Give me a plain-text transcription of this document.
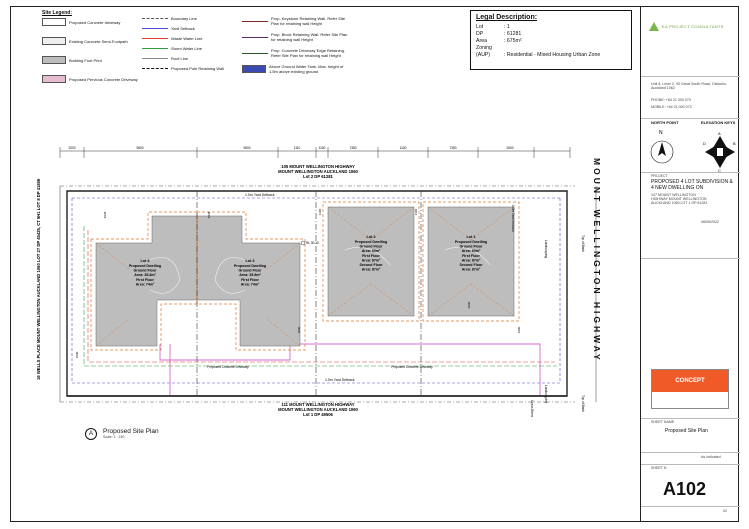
Site Legend:
Proposed Concrete driveway
Existing Concrete Semi-Footpath
Building Foot Print
Proposed Pervious Concrete Driveway
Boundary Line
Yard Setback
Waste Water Line
Storm Water Line
Roof Line
Proposed Pole Retaining Wall
Prop. Keystone Retaining Wall. Refer Site Plan for retaining wall Height
Prop. Block Retaining Wall. Refer Site Plan for retaining wall Height
Prop. Concrete Driveway Edge Retaining. Refer Site Plan for retaining wall Height
Above Ground Water Tank. Max. height of 1.5m above existing ground
Legal Description:
Lot	: 1
DP	: 61281
Area	: 675m²
Zoning
(AUP)	: Residential - Mixed Housing Urban Zone
2000	9600	9600	1110	1100	7350	1100	7350	2600
1.0m Yard Setback
1.0m Yard Setback
105 MOUNT WELLINGTON HIGHWAY
MOUNT WELLINGTON AUCKLAND 1060
Lot 2 DP 61281
111 MOUNT WELLINGTON HIGHWAY
MOUNT WELLINGTON AUCKLAND 1060
Lot 1 DP 49506
16 WELLS PLACE MOUNT WELLINGTON AUCKLAND 1060 LOT 27 DP 45425, CT 5H1 LOT 8 DP 41806	Lot 4
Proposed Dwelling
Ground Floor
Area: 35.8m²
First Floor
Area: 74m²
Lot 3
Proposed Dwelling
Ground Floor
Area: 35.8m²
First Floor
Area: 74m²
Lot 2
Proposed Dwelling
Ground Floor
Area: 60m²
First Floor
Area: 87m²
Second Floor
Area: 87m²
Lot 1
Proposed Dwelling
Ground Floor
Area: 60m²
First Floor
Area: 87m²
Second Floor
Area: 87m²
RL 30.10
Proposed Concrete Driveway	Proposed Concrete Driveway
Top of Bank
Landscaping
Top of Bank
Landscaping
Grass Berm
1.0m Yard Setback
4038	4038	1100	1100
1000
1000	1000
4000	MOUNT WELLINGTON HIGHWAY
A	Proposed Site Plan
Scale: 1 : 150
EA PROJECT CONSULTANTS
Unit 8, Level 2, 90 Great South Road, Otahuhu, Auckland 1062
PHONE: +64 21 000 073
MOBILE: +64 21 000 073
NORTH POINT	ELEVATION KEYS
N	A
B
C
D
PROJECT
PROPOSED 4 LOT SUBDIVISION & 4 NEW DWELLING ON
107 MOUNT WELLINGTON HIGHWAY MOUNT WELLINGTON AUCKLAND 1060 LOT 1 DP 61281
08/05/2022
CONCEPT
SHEET NAME
Proposed Site Plan
As indicated
SHEET N
A102
02
